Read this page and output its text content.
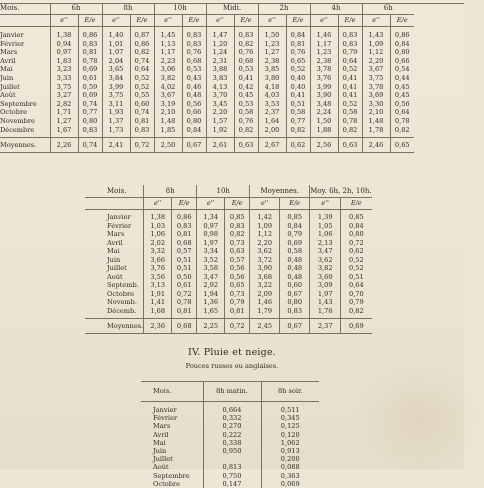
Mois.	6h		8h		10h		Midi.		2h		4h		6h	
	e''	E/e	e''	E/e	e''	E/e	e''	E/e	e''	E/e	e''	E/e	e''	E/e
Janvier	1,38	0,86	1,40	0,87	1,45	0,83	1,47	0,83	1,50	0,84	1,46	0,83	1,43	0,86
Février	0,94	0,83	1,01	0,86	1,13	0,83	1,20	0,82	1,23	0,81	1,17	0,83	1,09	0,84
Mars	0,97	0,81	1,07	0,82	1,17	0,76	1,24	0,76	1,27	0,76	1,23	0,79	1,12	0,80
Avril	1,83	0,78	2,04	0,74	2,23	0,68	2,31	0,68	2,38	0,65	2,38	0,64	2,20	0,66
Mai	3,23	0,69	3,65	0,64	3,06	0,53	3,88	0,53	3,85	0,52	3,78	0,52	3,67	0,54
Juin	3,33	0,61	3,84	0,52	3,82	0,43	3,83	0,41	3,80	0,40	3,76	0,41	3,75	0,44
Juillet	3,75	0,59	3,99	0,52	4,02	0,46	4,13	0,42	4,18	0,40	3,99	0,41	3,78	0,45
Août	3,27	0,69	3,75	0,55	3,67	0,48	3,70	0,45	4,03	0,41	3,90	0,41	3,69	0,45
Septembre	2,82	0,74	3,11	0,60	3,19	0,56	3,45	0,53	3,53	0,51	3,48	0,52	3,30	0,56
Octobre	1,71	0,77	1,93	0,74	2,10	0,66	2,20	0,58	2,37	0,58	2,24	0,58	2,10	0,64
Novembre	1,27	0,80	1,37	0,81	1,48	0,80	1,57	0,76	1,64	0,77	1,50	0,78	1,48	0,78
Décembre	1,67	0,83	1,73	0,83	1,85	0,84	1,92	0,82	2,00	0,82	1,88	0,82	1,78	0,82
Moyennes.	2,26	0,74	2,41	0,72	2,50	0,67	2,61	0,63	2,67	0,62	2,56	0,63	2,46	0,65
Mois.	8h		10h		Moyennes.		Moy. 6h, 2h, 10h.	
	e''	E/e	e''	E/e	e''	E/e	e''	E/e
Janvier	1,38	0,86	1,34	0,85	1,42	0,85	1,39	0,85
Février	1,03	0,83	0,97	0,83	1,09	0,84	1,05	0,84
Mars	1,06	0,81	0,98	0,82	1,12	0,79	1,06	0,80
Avril	2,02	0,68	1,97	0,73	2,20	0,69	2,13	0,72
Mai	3,32	0,57	3,34	0,63	3,62	0,58	3,47	0,62
Juin	3,66	0,51	3,52	0,57	3,72	0,48	3,62	0,52
Juillet	3,76	0,51	3,58	0,56	3,90	0,48	3,82	0,52
Août	3,56	0,50	3,47	0,56	3,68	0,48	3,60	0,51
Septemb.	3,13	0,61	2,92	0,65	3,22	0,60	3,09	0,64
Octobre	1,91	0,72	1,94	0,73	2,09	0,67	1,97	0,70
Novemb.	1,41	0,78	1,36	0,79	1,46	0,80	1,43	0,79
Décemb.	1,68	0,81	1,65	0,81	1,79	0,83	1,76	0,82
Moyennes.	2,36	0,68	2,25	0,72	2,45	0,67	2,37	0,69
IV. Pluie et neige.
Pouces russes ou anglaises.
Mois.	8h matin.	8h soir.
Janvier	0,664	0,511
Février	0,332	0,345
Mars	0,270	0,125
Avril	0,222	0,120
Mai	0,338	1,062
Juin	0,950	0,913
Juillet		0,200
Août	0,813	0,088
Septembre	0,750	0,363
Octobre	0,147	0,069
